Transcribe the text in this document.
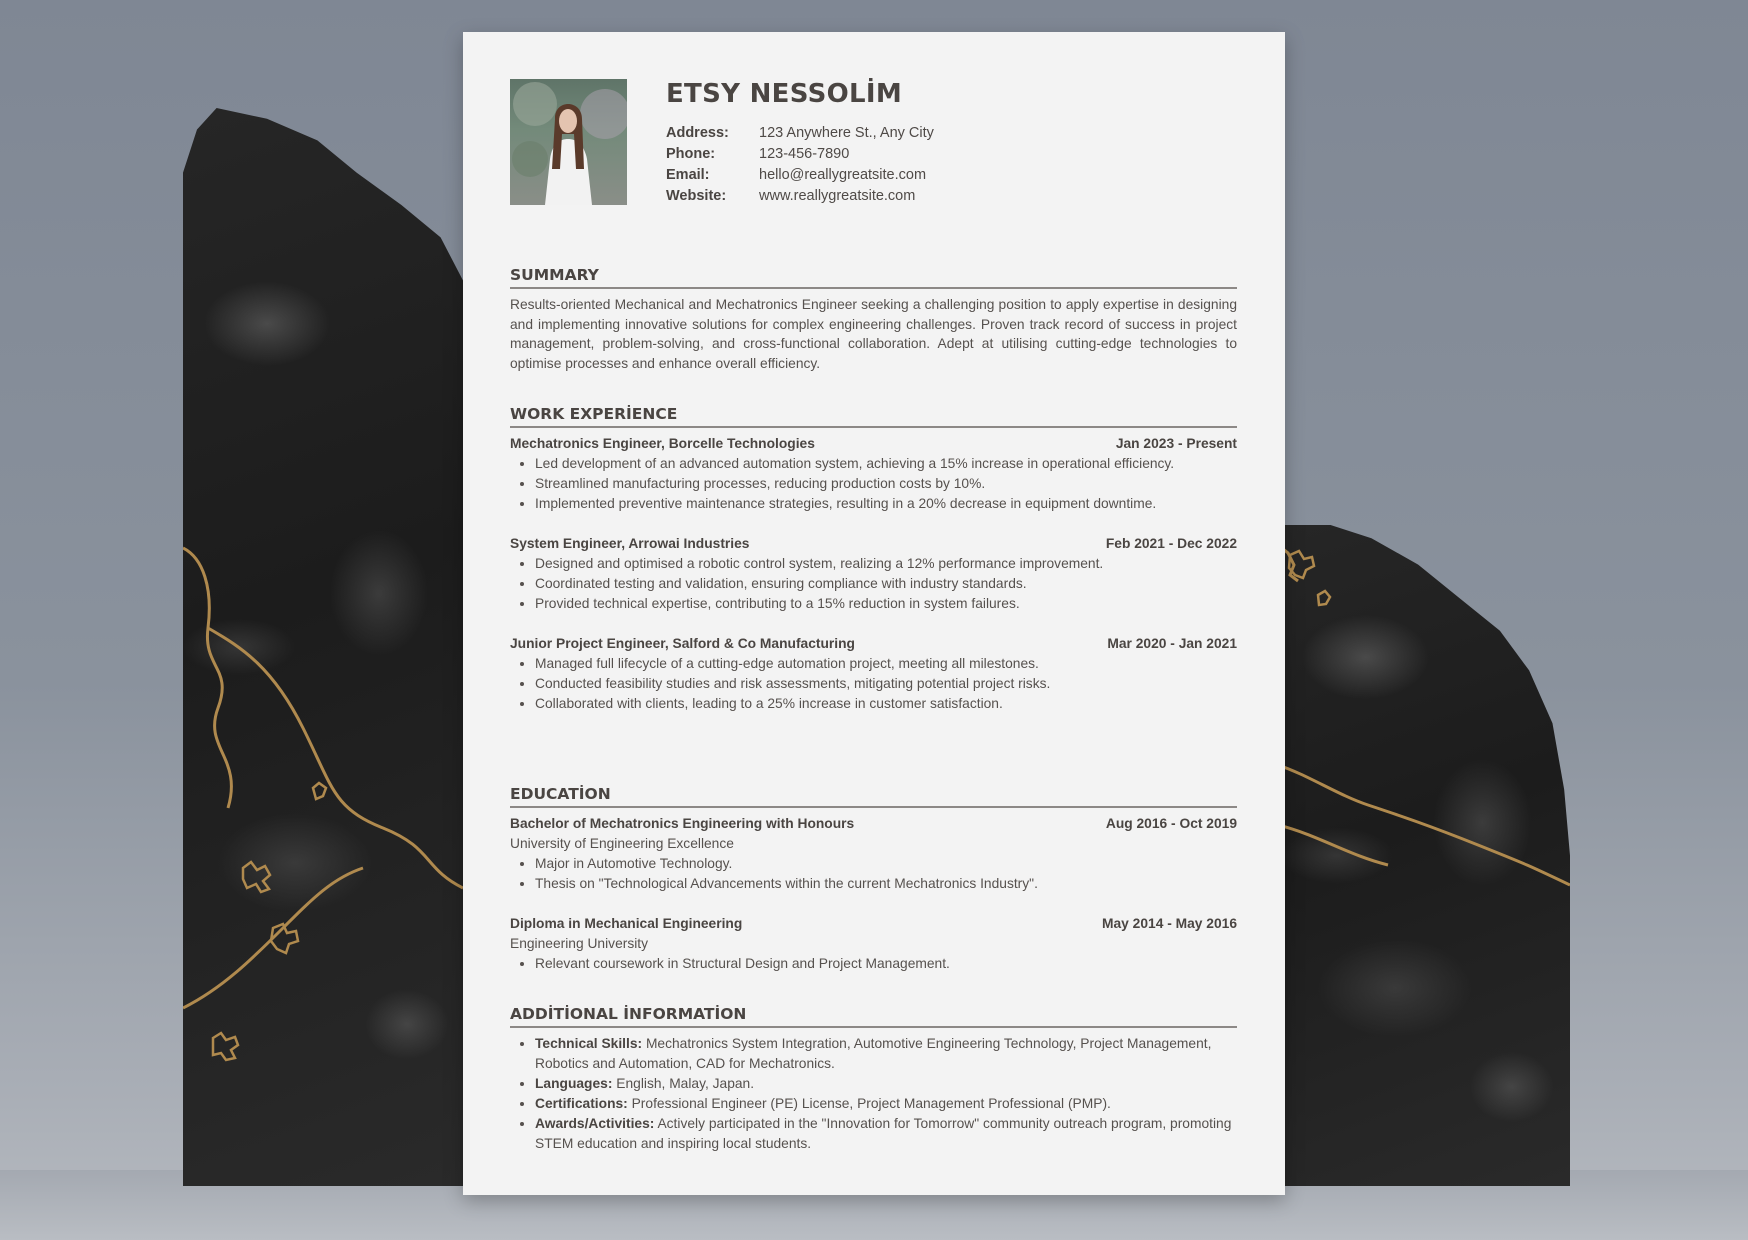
ETSY NESSOLİM
Address:	123 Anywhere St., Any City
Phone:	123-456-7890
Email:	hello@reallygreatsite.com
Website:	www.reallygreatsite.com
SUMMARY

Results-oriented Mechanical and Mechatronics Engineer seeking a challenging position to apply expertise in designing and implementing innovative solutions for complex engineering challenges. Proven track record of success in project management, problem-solving, and cross-functional collaboration. Adept at utilising cutting-edge technologies to optimise processes and enhance overall efficiency.

WORK EXPERİENCE
Mechatronics Engineer, Borcelle Technologies	Jan 2023 - Present
• Led development of an advanced automation system, achieving a 15% increase in operational efficiency.
• Streamlined manufacturing processes, reducing production costs by 10%.
• Implemented preventive maintenance strategies, resulting in a 20% decrease in equipment downtime.
System Engineer, Arrowai Industries	Feb 2021 - Dec 2022
• Designed and optimised a robotic control system, realizing a 12% performance improvement.
• Coordinated testing and validation, ensuring compliance with industry standards.
• Provided technical expertise, contributing to a 15% reduction in system failures.
Junior Project Engineer, Salford & Co Manufacturing	Mar 2020 - Jan 2021
• Managed full lifecycle of a cutting-edge automation project, meeting all milestones.
• Conducted feasibility studies and risk assessments, mitigating potential project risks.
• Collaborated with clients, leading to a 25% increase in customer satisfaction.
EDUCATİON
Bachelor of Mechatronics Engineering with Honours	Aug 2016 - Oct 2019
University of Engineering Excellence
• Major in Automotive Technology.
• Thesis on "Technological Advancements within the current Mechatronics Industry".
Diploma in Mechanical Engineering	May 2014 - May 2016
Engineering University
• Relevant coursework in Structural Design and Project Management.
ADDİTİONAL İNFORMATİON
• Technical Skills: Mechatronics System Integration, Automotive Engineering Technology, Project Management, Robotics and Automation, CAD for Mechatronics.
• Languages: English, Malay, Japan.
• Certifications: Professional Engineer (PE) License, Project Management Professional (PMP).
• Awards/Activities: Actively participated in the "Innovation for Tomorrow" community outreach program, promoting STEM education and inspiring local students.
